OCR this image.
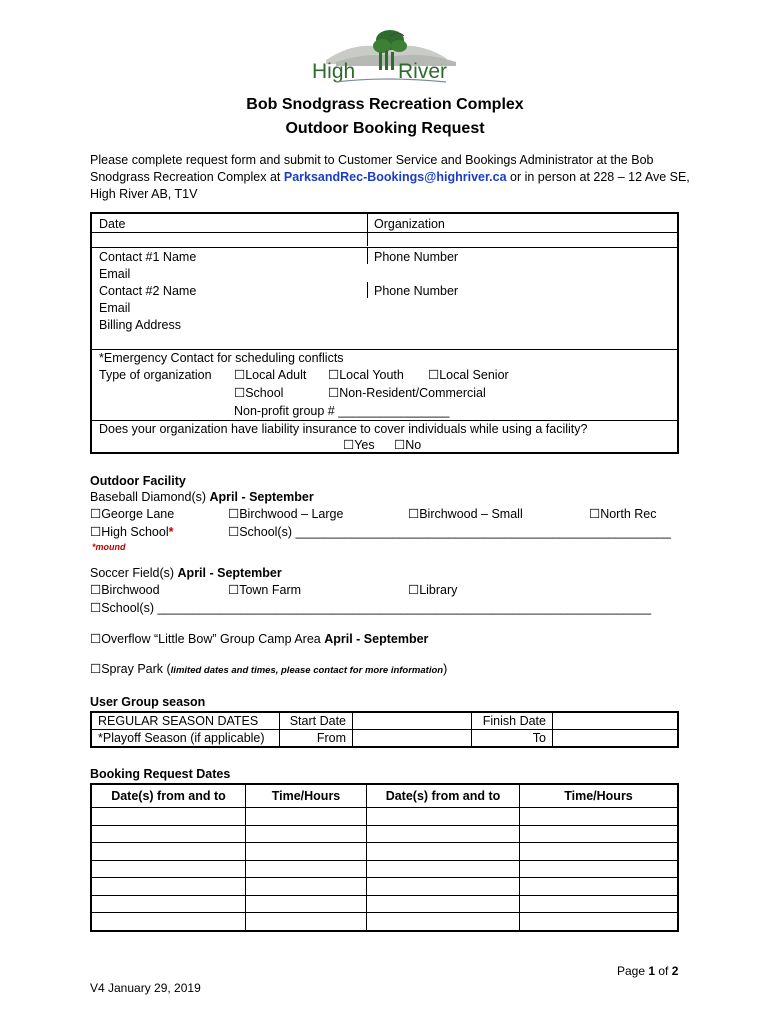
High River
Bob Snodgrass Recreation Complex
Outdoor Booking Request
Please complete request form and submit to Customer Service and Bookings Administrator at the Bob Snodgrass Recreation Complex at ParksandRec-Bookings@highriver.ca or in person at 228 – 12 Ave SE, High River AB, T1V
Date	Organization
Contact #1 Name	Phone Number
Email
Contact #2 Name	Phone Number
Email
Billing Address
*Emergency Contact for scheduling conflicts
Type of organization ☐Local Adult ☐Local Youth ☐Local Senior
☐School	☐Non-Resident/Commercial
Non-profit group # ________________
Does your organization have liability insurance to cover individuals while using a facility?
☐Yes ☐No
Outdoor Facility
Baseball Diamond(s) April - September
☐George Lane	☐Birchwood – Large	☐Birchwood – Small	☐North Rec
☐High School*	☐School(s) ______________________________________________________
*mound
Soccer Field(s) April - September
☐Birchwood	☐Town Farm	☐Library
☐School(s) _______________________________________________________________________
☐Overflow “Little Bow” Group Camp Area April - September
☐Spray Park (limited dates and times, please contact for more information)
User Group season
REGULAR SEASON DATES	Start Date		Finish Date	
*Playoff Season (if applicable)	From		To	
Booking Request Dates
Date(s) from and to	Time/Hours	Date(s) from and to	Time/Hours

Page 1 of 2
V4 January 29, 2019
